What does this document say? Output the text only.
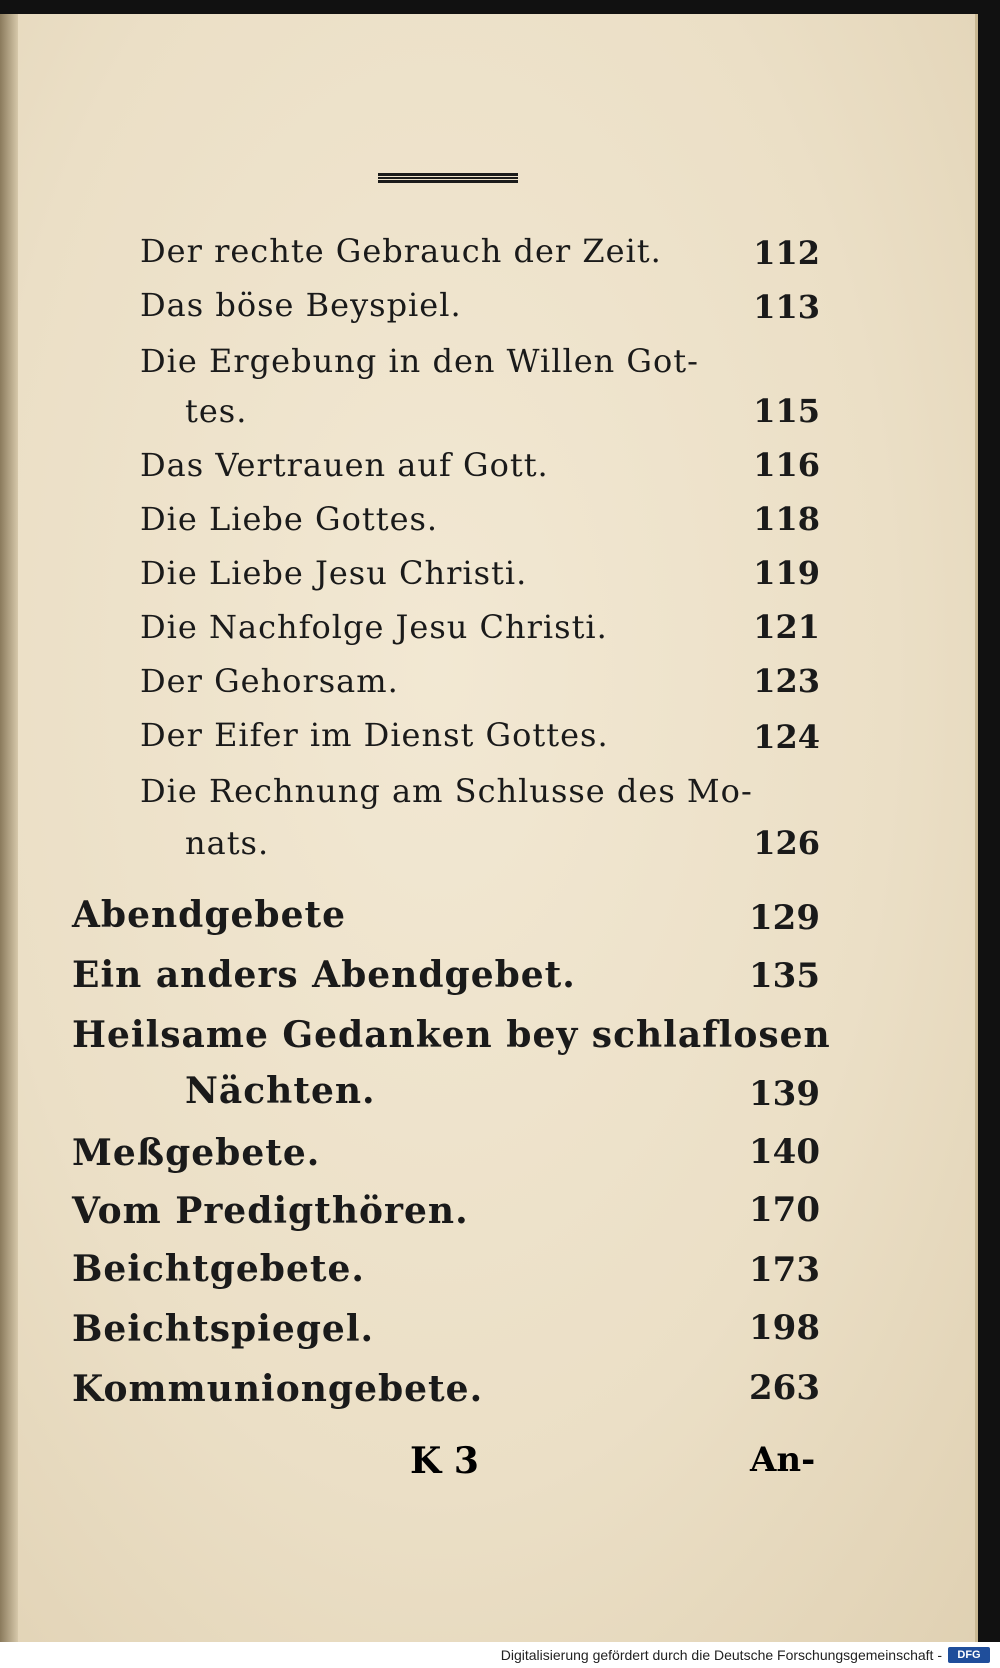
Der rechte Gebrauch der Zeit.	112
Das böse Beyspiel.	113
Die Ergebung in den Willen Got-
tes.	115
Das Vertrauen auf Gott.	116
Die Liebe Gottes.	118
Die Liebe Jesu Christi.	119
Die Nachfolge Jesu Christi.	121
Der Gehorsam.	123
Der Eifer im Dienst Gottes.	124
Die Rechnung am Schlusse des Mo-
nats.	126
Abendgebete	129
Ein anders Abendgebet.	135
Heilsame Gedanken bey schlaflosen
Nächten.	139
Meßgebete.	140
Vom Predigthören.	170
Beichtgebete.	173
Beichtspiegel.	198
Kommuniongebete.	263
K 3	An-
Digitalisierung gefördert durch die Deutsche Forschungsgemeinschaft -	DFG
